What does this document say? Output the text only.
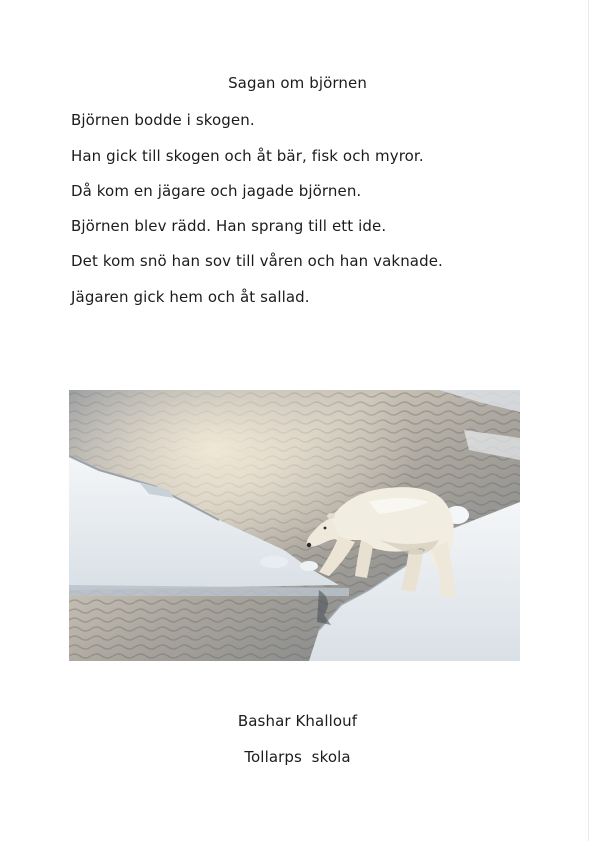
Sagan om björnen
Björnen bodde i skogen.
Han gick till skogen och åt bär, fisk och myror.
Då kom en jägare och jagade björnen.
Björnen blev rädd. Han sprang till ett ide.
Det kom snö han sov till våren och han vaknade.
Jägaren gick hem och åt sallad.
Bashar Khallouf
Tollarps  skola
